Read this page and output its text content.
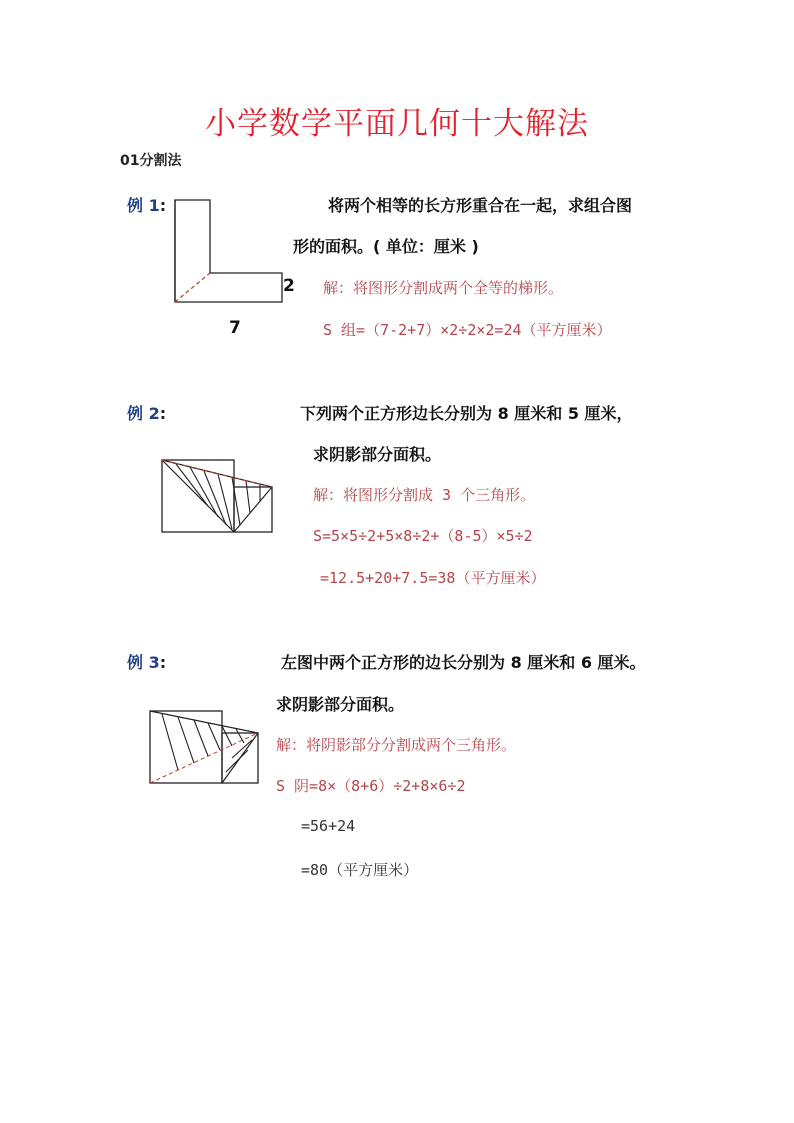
小学数学平面几何十大解法
01分割法
例 1:
2
7
将两个相等的长方形重合在一起，求组合图
形的面积。( 单位：厘米 )
解：将图形分割成两个全等的梯形。
S 组=（7-2+7）×2÷2×2=24（平方厘米）
例 2:	下列两个正方形边长分别为 8 厘米和 5 厘米，
求阴影部分面积。
解：将图形分割成 3 个三角形。
S=5×5÷2+5×8÷2+（8-5）×5÷2
=12.5+20+7.5=38（平方厘米）
例 3:	左图中两个正方形的边长分别为 8 厘米和 6 厘米。
求阴影部分面积。
解：将阴影部分分割成两个三角形。
S 阴=8×（8+6）÷2+8×6÷2
=56+24
=80（平方厘米）
